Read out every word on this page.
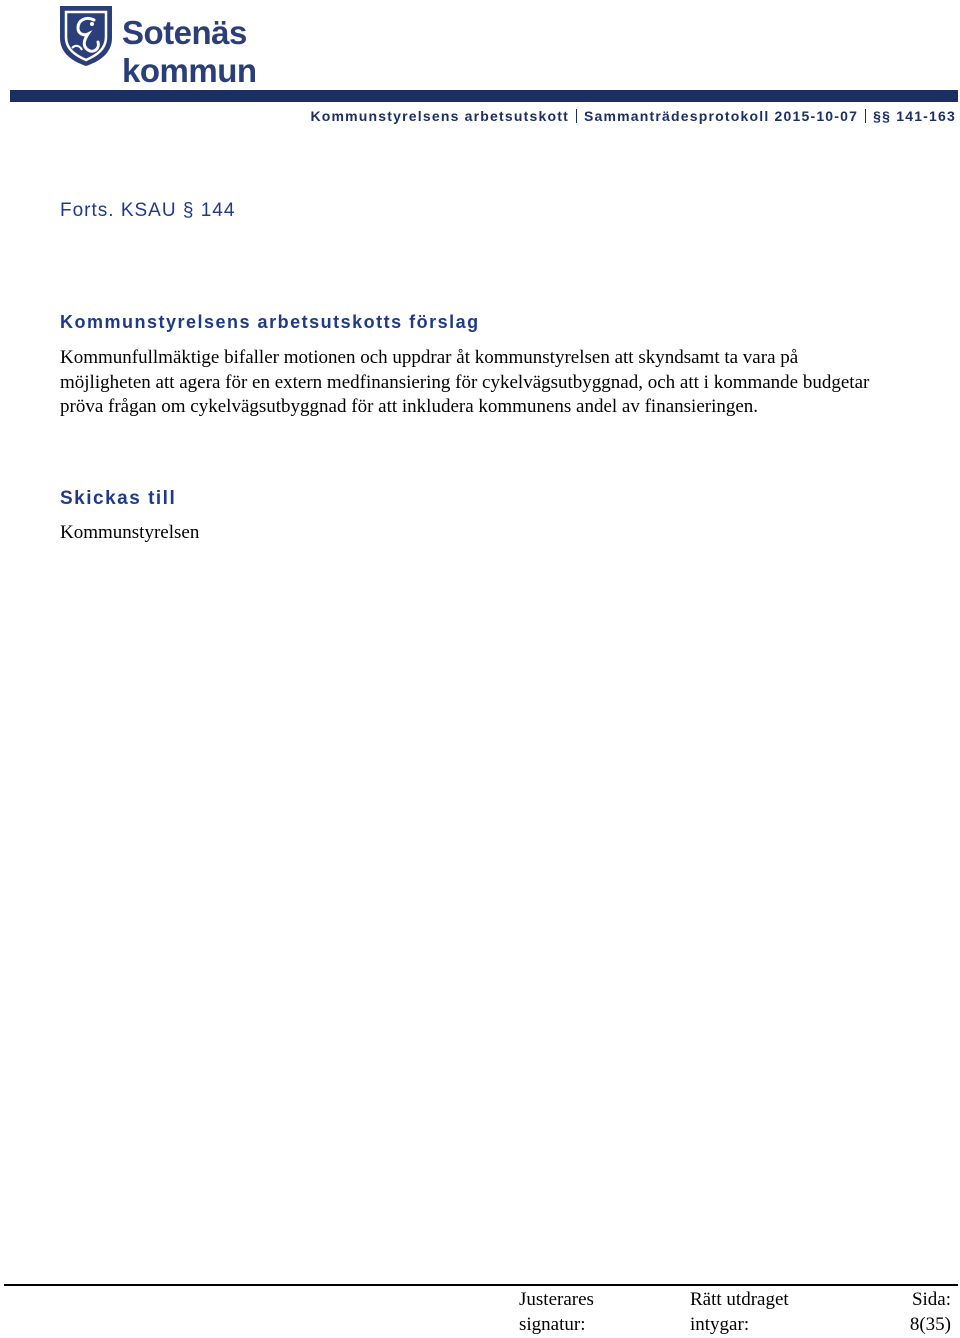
Sotenäs kommun
Kommunstyrelsens arbetsutskott Sammanträdesprotokoll 2015-10-07 §§ 141-163
Forts. KSAU § 144
Kommunstyrelsens arbetsutskotts förslag
Kommunfullmäktige bifaller motionen och uppdrar åt kommunstyrelsen att skyndsamt ta vara på möjligheten att agera för en extern medfinansiering för cykelvägsutbyggnad, och att i kommande budgetar pröva frågan om cykelvägsutbyggnad för att inkludera kommunens andel av finansieringen.
Skickas till
Kommunstyrelsen
Justerares
signatur:
Rätt utdraget
intygar:
Sida:
8(35)
